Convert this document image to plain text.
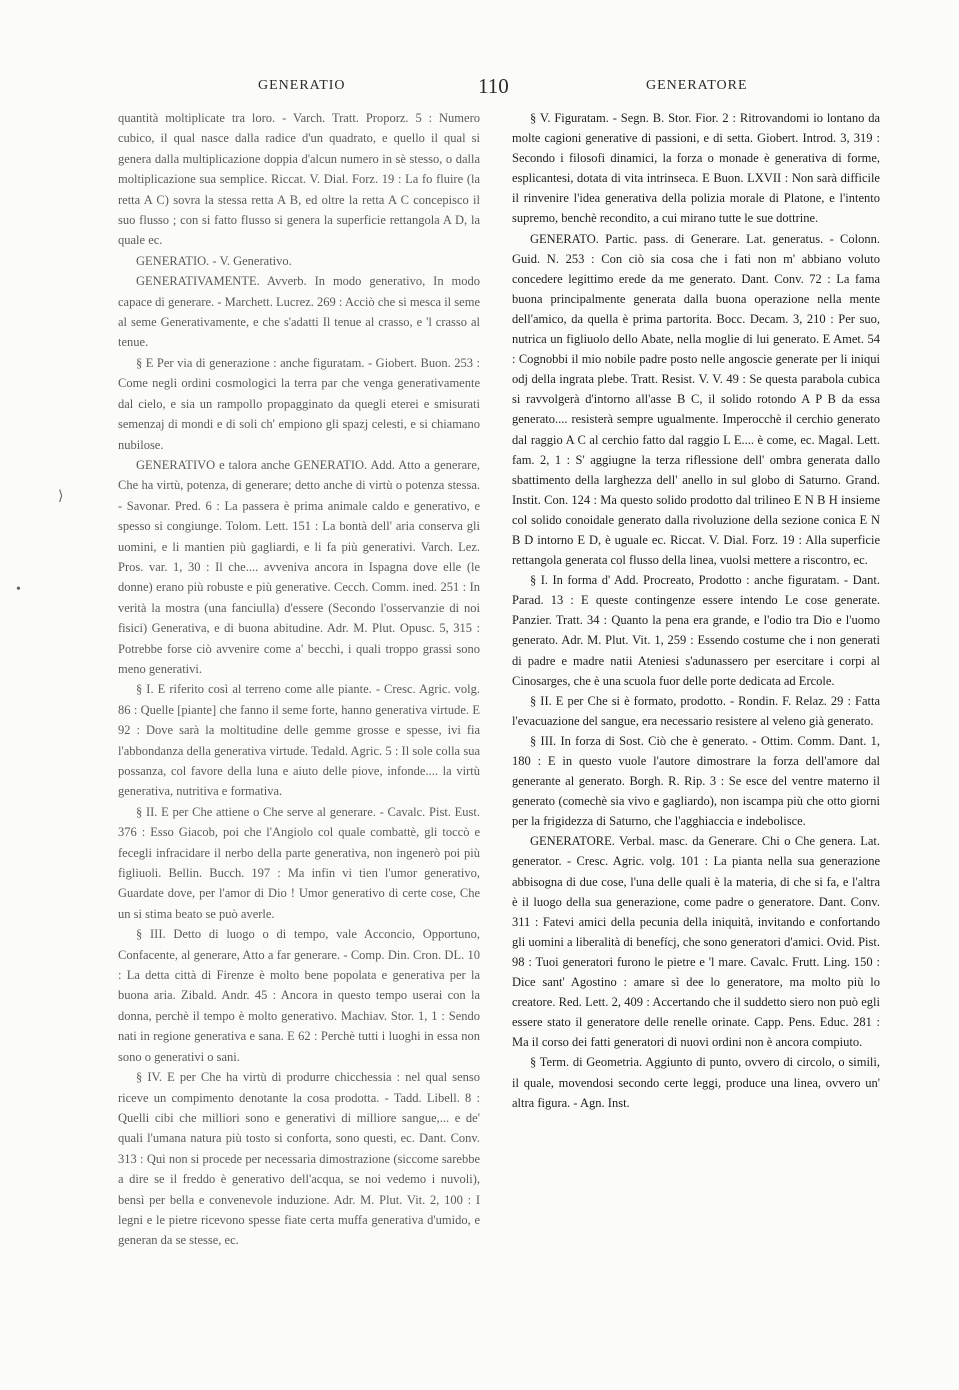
GENERATIO	110	GENERATORE

quantità moltiplicate tra loro. - Varch. Tratt. Proporz. 5 : Numero cubico, il qual nasce dalla radice d'un quadrato, e quello il qual si genera dalla multiplicazione doppia d'alcun numero in sè stesso, o dalla moltiplicazione sua semplice. Riccat. V. Dial. Forz. 19 : La fo fluire (la retta A C) sovra la stessa retta A B, ed oltre la retta A C concepisco il suo flusso ; con si fatto flusso si genera la superficie rettangola A D, la quale ec.

GENERATIO. - V. Generativo.

GENERATIVAMENTE. Avverb. In modo generativo, In modo capace di generare. - Marchett. Lucrez. 269 : Acciò che si mesca il seme al seme Generativamente, e che s'adatti Il tenue al crasso, e 'l crasso al tenue.

§ E Per via di generazione : anche figuratam. - Giobert. Buon. 253 : Come negli ordini cosmologici la terra par che venga generativamente dal cielo, e sia un rampollo propagginato da quegli eterei e smisurati semenzaj di mondi e di soli ch' empiono gli spazj celesti, e si chiamano nubilose.

GENERATIVO e talora anche GENERATIO. Add. Atto a generare, Che ha virtù, potenza, di generare; detto anche di virtù o potenza stessa. - Savonar. Pred. 6 : La passera è prima animale caldo e generativo, e spesso si congiunge. Tolom. Lett. 151 : La bontà dell' aria conserva gli uomini, e li mantien più gagliardi, e li fa più generativi. Varch. Lez. Pros. var. 1, 30 : Il che.... avveniva ancora in Ispagna dove elle (le donne) erano più robuste e più generative. Cecch. Comm. ined. 251 : In verità la mostra (una fanciulla) d'essere (Secondo l'osservanzie di noi fisici) Generativa, e di buona abitudine. Adr. M. Plut. Opusc. 5, 315 : Potrebbe forse ciò avvenire come a' becchi, i quali troppo grassi sono meno generativi.

§ I. E riferito così al terreno come alle piante. - Cresc. Agric. volg. 86 : Quelle [piante] che fanno il seme forte, hanno generativa virtude. E 92 : Dove sarà la moltitudine delle gemme grosse e spesse, ivi fia l'abbondanza della generativa virtude. Tedald. Agric. 5 : Il sole colla sua possanza, col favore della luna e aiuto delle piove, infonde.... la virtù generativa, nutritiva e formativa.

§ II. E per Che attiene o Che serve al generare. - Cavalc. Pist. Eust. 376 : Esso Giacob, poi che l'Angiolo col quale combattè, gli toccò e fecegli infracidare il nerbo della parte generativa, non ingenerò poi più figliuoli. Bellin. Bucch. 197 : Ma infin vi tien l'umor generativo, Guardate dove, per l'amor di Dio ! Umor generativo di certe cose, Che un si stima beato se può averle.

§ III. Detto di luogo o di tempo, vale Acconcio, Opportuno, Confacente, al generare, Atto a far generare. - Comp. Din. Cron. DL. 10 : La detta città di Firenze è molto bene popolata e generativa per la buona aria. Zibald. Andr. 45 : Ancora in questo tempo userai con la donna, perchè il tempo è molto generativo. Machiav. Stor. 1, 1 : Sendo nati in regione generativa e sana. E 62 : Perchè tutti i luoghi in essa non sono o generativi o sani.

§ IV. E per Che ha virtù di produrre chicchessia : nel qual senso riceve un compimento denotante la cosa prodotta. - Tadd. Libell. 8 : Quelli cibi che milliori sono e generativi di milliore sangue,... e de' quali l'umana natura più tosto si conforta, sono questi, ec. Dant. Conv. 313 : Qui non si procede per necessaria dimostrazione (siccome sarebbe a dire se il freddo è generativo dell'acqua, se noi vedemo i nuvoli), bensì per bella e convenevole induzione. Adr. M. Plut. Vit. 2, 100 : I legni e le pietre ricevono spesse fiate certa muffa generativa d'umido, e generan da se stesse, ec.

§ V. Figuratam. - Segn. B. Stor. Fior. 2 : Ritrovandomi io lontano da molte cagioni generative di passioni, e di setta. Giobert. Introd. 3, 319 : Secondo i filosofi dinamici, la forza o monade è generativa di forme, esplicantesi, dotata di vita intrinseca. E Buon. LXVII : Non sarà difficile il rinvenire l'idea generativa della polizia morale di Platone, e l'intento supremo, benchè recondito, a cui mirano tutte le sue dottrine.

GENERATO. Partic. pass. di Generare. Lat. generatus. - Colonn. Guid. N. 253 : Con ciò sia cosa che i fati non m' abbiano voluto concedere legittimo erede da me generato. Dant. Conv. 72 : La fama buona principalmente generata dalla buona operazione nella mente dell'amico, da quella è prima partorita. Bocc. Decam. 3, 210 : Per suo, nutrica un figliuolo dello Abate, nella moglie di lui generato. E Amet. 54 : Cognobbi il mio nobile padre posto nelle angoscie generate per li iniqui odj della ingrata plebe. Tratt. Resist. V. V. 49 : Se questa parabola cubica si ravvolgerà d'intorno all'asse B C, il solido rotondo A P B da essa generato.... resisterà sempre ugualmente. Imperocchè il cerchio generato dal raggio A C al cerchio fatto dal raggio L E.... è come, ec. Magal. Lett. fam. 2, 1 : S' aggiugne la terza riflessione dell' ombra generata dallo sbattimento della larghezza dell' anello in sul globo di Saturno. Grand. Instit. Con. 124 : Ma questo solido prodotto dal trilineo E N B H insieme col solido conoidale generato dalla rivoluzione della sezione conica E N B D intorno E D, è uguale ec. Riccat. V. Dial. Forz. 19 : Alla superficie rettangola generata col flusso della linea, vuolsi mettere a riscontro, ec.

§ I. In forma d' Add. Procreato, Prodotto : anche figuratam. - Dant. Parad. 13 : E queste contingenze essere intendo Le cose generate. Panzier. Tratt. 34 : Quanto la pena era grande, e l'odio tra Dio e l'uomo generato. Adr. M. Plut. Vit. 1, 259 : Essendo costume che i non generati di padre e madre natii Ateniesi s'adunassero per esercitare i corpi al Cinosarges, che è una scuola fuor delle porte dedicata ad Ercole.

§ II. E per Che si è formato, prodotto. - Rondin. F. Relaz. 29 : Fatta l'evacuazione del sangue, era necessario resistere al veleno già generato.

§ III. In forza di Sost. Ciò che è generato. - Ottim. Comm. Dant. 1, 180 : E in questo vuole l'autore dimostrare la forza dell'amore dal generante al generato. Borgh. R. Rip. 3 : Se esce del ventre materno il generato (comechè sia vivo e gagliardo), non iscampa più che otto giorni per la frigidezza di Saturno, che l'agghiaccia e indebolisce.

GENERATORE. Verbal. masc. da Generare. Chi o Che genera. Lat. generator. - Cresc. Agric. volg. 101 : La pianta nella sua generazione abbisogna di due cose, l'una delle quali è la materia, di che si fa, e l'altra è il luogo della sua generazione, come padre o generatore. Dant. Conv. 311 : Fatevi amici della pecunia della iniquità, invitando e confortando gli uomini a liberalità di benefícj, che sono generatori d'amici. Ovid. Pist. 98 : Tuoi generatori furono le pietre e 'l mare. Cavalc. Frutt. Ling. 150 : Dice sant' Agostino : amare sì dee lo generatore, ma molto più lo creatore. Red. Lett. 2, 409 : Accertando che il suddetto siero non può egli essere stato il generatore delle renelle orinate. Capp. Pens. Educ. 281 : Ma il corso dei fatti generatori di nuovi ordini non è ancora compiuto.

§ Term. di Geometria. Aggiunto di punto, ovvero di circolo, o simili, il quale, movendosi secondo certe leggi, produce una linea, ovvero un' altra figura. - Agn. Inst.

⟩
•
